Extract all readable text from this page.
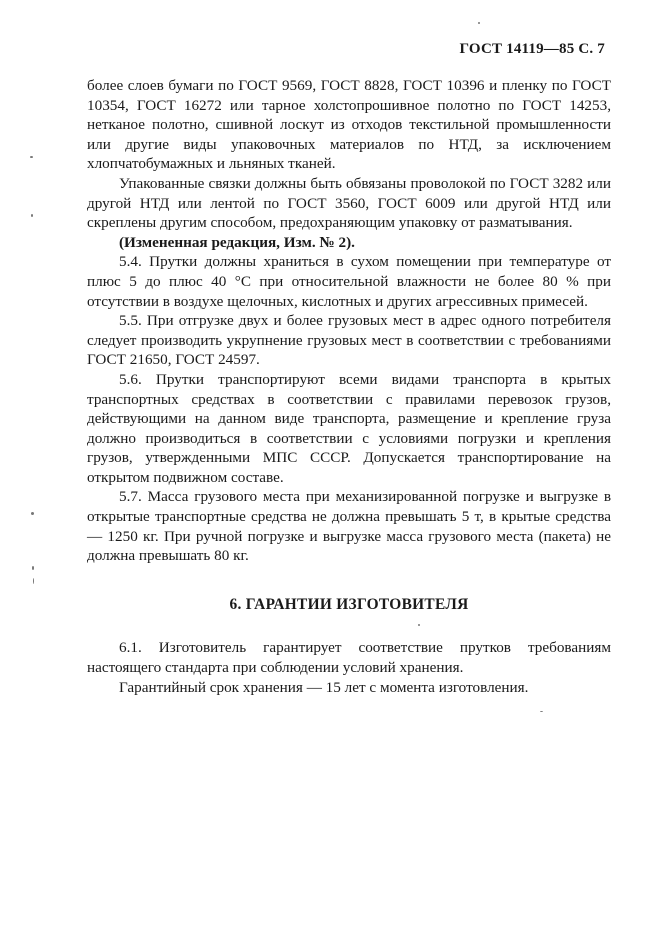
ГОСТ 14119—85 С. 7

более слоев бумаги по ГОСТ 9569, ГОСТ 8828, ГОСТ 10396 и пленку по ГОСТ 10354, ГОСТ 16272 или тарное холстопрошивное полотно по ГОСТ 14253, нетканое полотно, сшивной лоскут из отходов текстильной промышленности или другие виды упаковочных материалов по НТД, за исключением хлопчатобумажных и льняных тканей.

Упакованные связки должны быть обвязаны проволокой по ГОСТ 3282 или другой НТД или лентой по ГОСТ 3560, ГОСТ 6009 или другой НТД или скреплены другим способом, предохраняющим упаковку от разматывания.

(Измененная редакция, Изм. № 2).

5.4. Прутки должны храниться в сухом помещении при температуре от плюс 5 до плюс 40 °С при относительной влажности не более 80 % при отсутствии в воздухе щелочных, кислотных и других агрессивных примесей.

5.5. При отгрузке двух и более грузовых мест в адрес одного потребителя следует производить укрупнение грузовых мест в соответствии с требованиями ГОСТ 21650, ГОСТ 24597.

5.6. Прутки транспортируют всеми видами транспорта в крытых транспортных средствах в соответствии с правилами перевозок грузов, действующими на данном виде транспорта, размещение и крепление груза должно производиться в соответствии с условиями погрузки и крепления грузов, утвержденными МПС СССР. Допускается транспортирование на открытом подвижном составе.

5.7. Масса грузового места при механизированной погрузке и выгрузке в открытые транспортные средства не должна превышать 5 т, в крытые средства — 1250 кг. При ручной погрузке и выгрузке масса грузового места (пакета) не должна превышать 80 кг.

6. ГАРАНТИИ ИЗГОТОВИТЕЛЯ

6.1. Изготовитель гарантирует соответствие прутков требованиям настоящего стандарта при соблюдении условий хранения.

Гарантийный срок хранения — 15 лет с момента изготовления.
